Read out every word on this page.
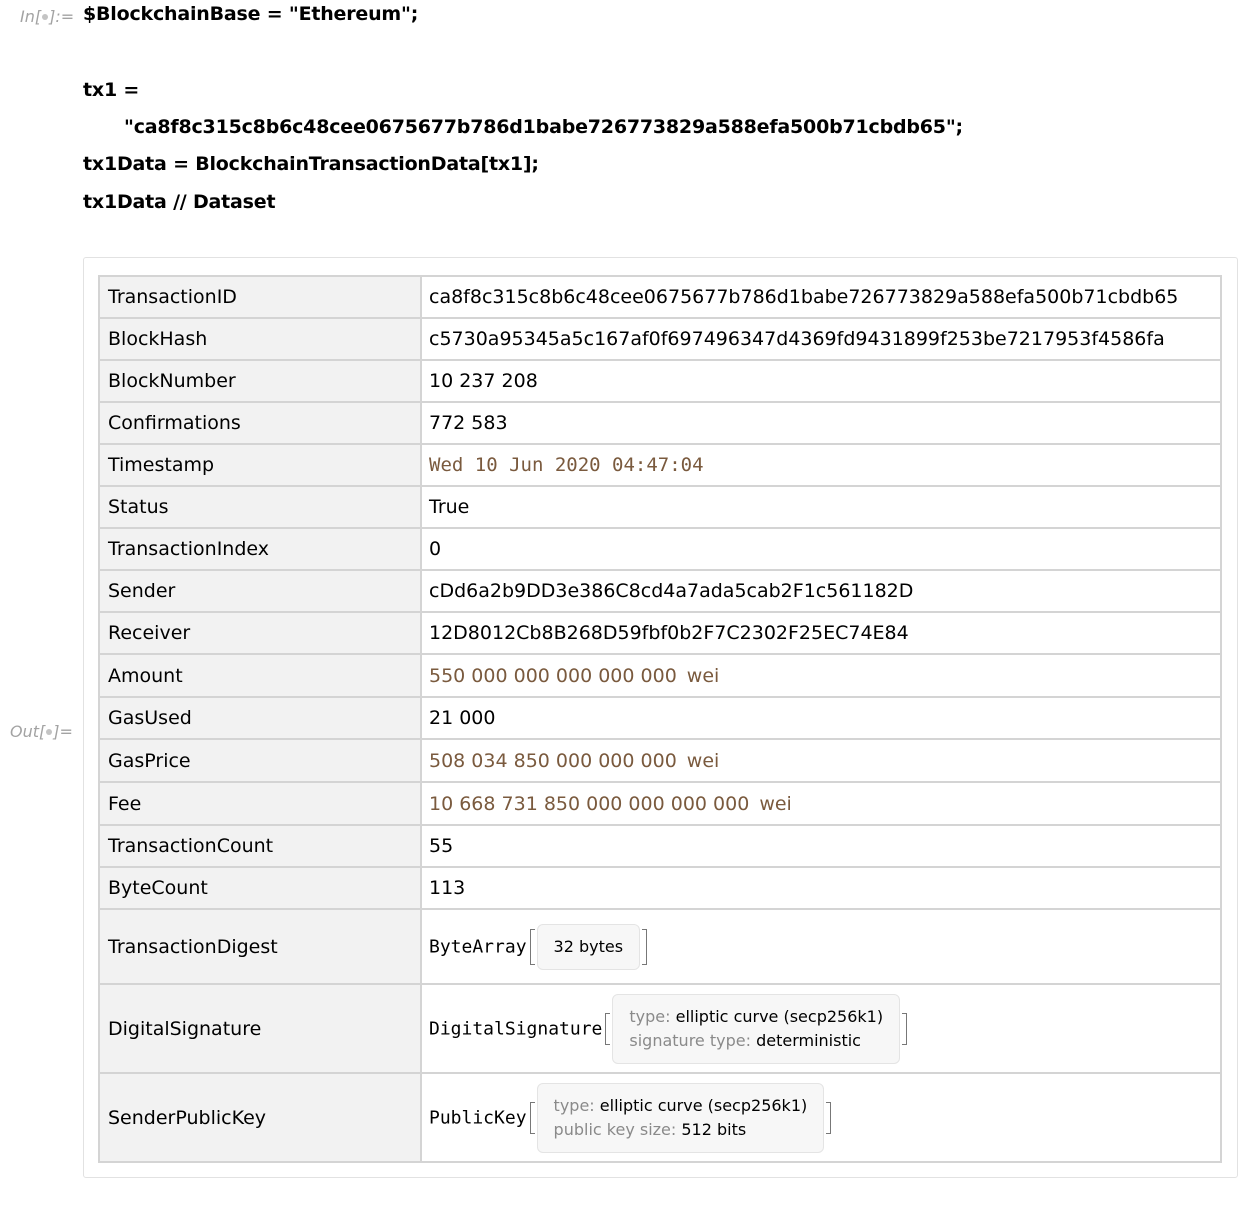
In[ ]:=
Out[ ]=
$BlockchainBase = "Ethereum";
tx1 =
"ca8f8c315c8b6c48cee0675677b786d1babe726773829a588efa500b71cbdb65";
tx1Data = BlockchainTransactionData[tx1];
tx1Data // Dataset
TransactionID	ca8f8c315c8b6c48cee0675677b786d1babe726773829a588efa500b71cbdb65
BlockHash	c5730a95345a5c167af0f697496347d4369fd9431899f253be7217953f4586fa
BlockNumber	10 237 208
Confirmations	772 583
Timestamp	Wed 10 Jun 2020 04:47:04
Status	True
TransactionIndex	0
Sender	cDd6a2b9DD3e386C8cd4a7ada5cab2F1c561182D
Receiver	12D8012Cb8B268D59fbf0b2F7C2302F25EC74E84
Amount	550 000 000 000 000 000 wei
GasUsed	21 000
GasPrice	508 034 850 000 000 000 wei
Fee	10 668 731 850 000 000 000 000 wei
TransactionCount	55
ByteCount	113
TransactionDigest	ByteArray 32 bytes
DigitalSignature	DigitalSignaturetype: elliptic curve (secp256k1)
signature type: deterministic
SenderPublicKey	PublicKeytype: elliptic curve (secp256k1)
public key size: 512 bits
